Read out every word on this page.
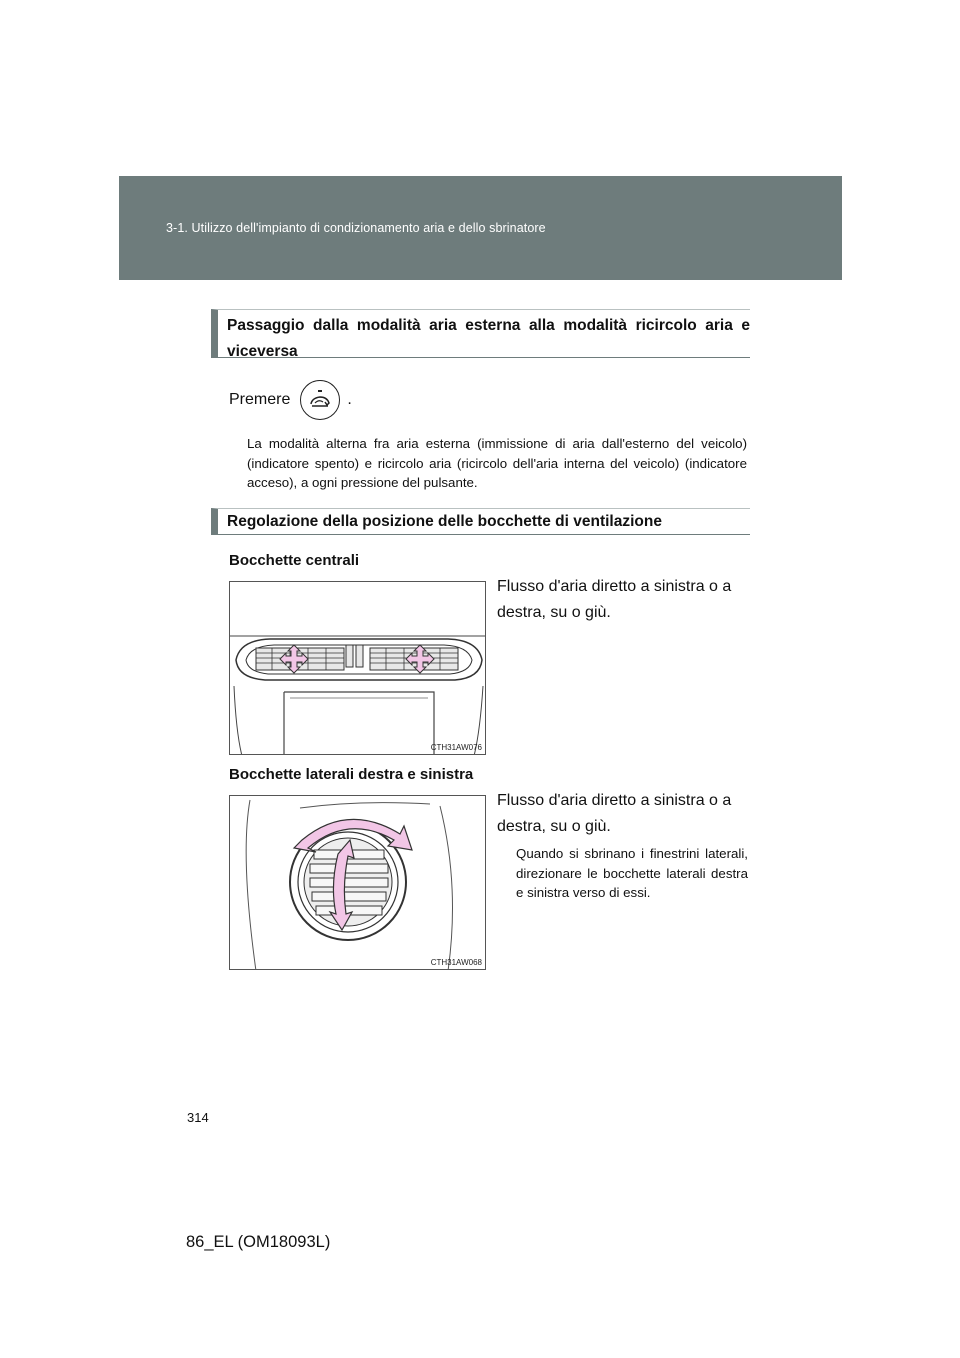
3-1. Utilizzo dell'impianto di condizionamento aria e dello sbrinatore
Passaggio dalla modalità aria esterna alla modalità ricircolo aria e viceversa
Premere	.

La modalità alterna fra aria esterna (immissione di aria dall'esterno del veicolo) (indicatore spento) e ricircolo aria (ricircolo dell'aria interna del veicolo) (indicatore acceso), a ogni pressione del pulsante.

Regolazione della posizione delle bocchette di ventilazione
Bocchette centrali
CTH31AW076
Flusso d'aria diretto a sinistra o a destra, su o giù.
Bocchette laterali destra e sinistra
CTH31AW068
Flusso d'aria diretto a sinistra o a destra, su o giù.

Quando si sbrinano i finestrini laterali, direzionare le bocchette laterali destra e sinistra verso di essi.

314
86_EL (OM18093L)
